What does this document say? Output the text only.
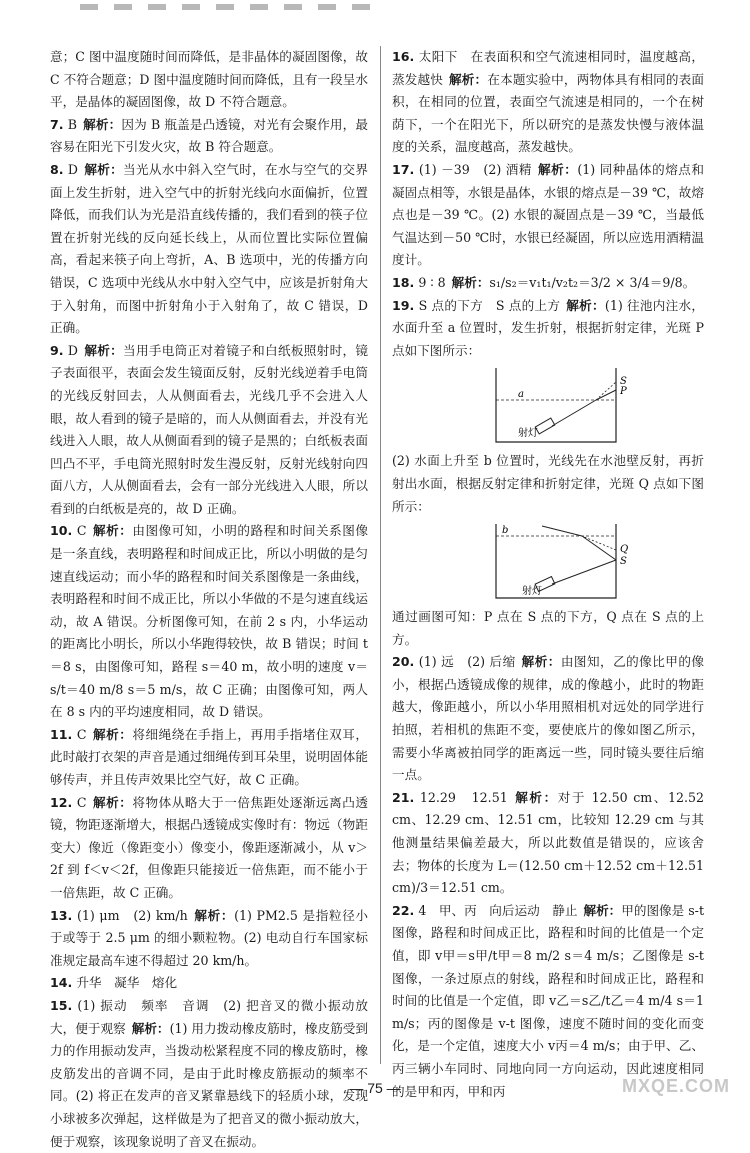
意；C 图中温度随时间而降低，是非晶体的凝固图像，故 C 不符合题意；D 图中温度随时间而降低，且有一段呈水平，是晶体的凝固图像，故 D 不符合题意。

7. B 解析：因为 B 瓶盖是凸透镜，对光有会聚作用，最容易在阳光下引发火灾，故 B 符合题意。

8. D 解析：当光从水中斜入空气时，在水与空气的交界面上发生折射，进入空气中的折射光线向水面偏折，位置降低，而我们认为光是沿直线传播的，我们看到的筷子位置在折射光线的反向延长线上，从而位置比实际位置偏高，看起来筷子向上弯折，A、B 选项中，光的传播方向错误，C 选项中光线从水中射入空气中，应该是折射角大于入射角，而图中折射角小于入射角了，故 C 错误，D 正确。

9. D 解析：当用手电筒正对着镜子和白纸板照射时，镜子表面很平，表面会发生镜面反射，反射光线逆着手电筒的光线反射回去，人从侧面看去，光线几乎不会进入人眼，故人看到的镜子是暗的，而人从侧面看去，并没有光线进入人眼，故人从侧面看到的镜子是黑的；白纸板表面凹凸不平，手电筒光照射时发生漫反射，反射光线射向四面八方，人从侧面看去，会有一部分光线进入人眼，所以看到的白纸板是亮的，故 D 正确。

10. C 解析：由图像可知，小明的路程和时间关系图像是一条直线，表明路程和时间成正比，所以小明做的是匀速直线运动；而小华的路程和时间关系图像是一条曲线，表明路程和时间不成正比，所以小华做的不是匀速直线运动，故 A 错误。分析图像可知，在前 2 s 内，小华运动的距离比小明长，所以小华跑得较快，故 B 错误；时间 t＝8 s，由图像可知，路程 s＝40 m，故小明的速度 v＝s/t＝40 m/8 s＝5 m/s，故 C 正确；由图像可知，两人在 8 s 内的平均速度相同，故 D 错误。

11. C 解析：将细绳绕在手指上，再用手指堵住双耳，此时敲打衣架的声音是通过细绳传到耳朵里，说明固体能够传声，并且传声效果比空气好，故 C 正确。

12. C 解析：将物体从略大于一倍焦距处逐渐远离凸透镜，物距逐渐增大，根据凸透镜成实像时有：物远（物距变大）像近（像距变小）像变小，像距逐渐减小，从 v＞2f 到 f＜v＜2f，但像距只能接近一倍焦距，而不能小于一倍焦距，故 C 正确。

13. (1) μm　(2) km/h 解析：(1) PM2.5 是指粒径小于或等于 2.5 μm 的细小颗粒物。(2) 电动自行车国家标准规定最高车速不得超过 20 km/h。

14. 升华　凝华　熔化

15. (1) 振动　频率　音调　(2) 把音叉的微小振动放大，便于观察 解析：(1) 用力拨动橡皮筋时，橡皮筋受到力的作用振动发声，当拨动松紧程度不同的橡皮筋时，橡皮筋发出的音调不同，是由于此时橡皮筋振动的频率不同。(2) 将正在发声的音叉紧靠悬线下的轻质小球，发现小球被多次弹起，这样做是为了把音叉的微小振动放大，便于观察，该现象说明了音叉在振动。

16. 太阳下　在表面积和空气流速相同时，温度越高，蒸发越快 解析：在本题实验中，两物体具有相同的表面积，在相同的位置，表面空气流速是相同的，一个在树荫下，一个在阳光下，所以研究的是蒸发快慢与液体温度的关系，温度越高，蒸发越快。

17. (1) －39　(2) 酒精 解析：(1) 同种晶体的熔点和凝固点相等，水银是晶体，水银的熔点是－39 ℃，故熔点也是－39 ℃。(2) 水银的凝固点是－39 ℃，当最低气温达到－50 ℃时，水银已经凝固，所以应选用酒精温度计。

18. 9 ∶ 8 解析：s₁/s₂＝v₁t₁/v₂t₂＝3/2 × 3/4＝9/8。

19. S 点的下方　S 点的上方 解析：(1) 往池内注水，水面升至 a 位置时，发生折射，根据折射定律，光斑 P 点如下图所示：

a
S
P
射灯

(2) 水面上升至 b 位置时，光线先在水池壁反射，再折射出水面，根据反射定律和折射定律，光斑 Q 点如下图所示：

b
Q
S
射灯

通过画图可知：P 点在 S 点的下方，Q 点在 S 点的上方。

20. (1) 远　(2) 后缩 解析：由图知，乙的像比甲的像小，根据凸透镜成像的规律，成的像越小，此时的物距越大，像距越小，所以小华用照相机对远处的同学进行拍照，若相机的焦距不变，要使底片的像如图乙所示，需要小华离被拍同学的距离远一些，同时镜头要往后缩一点。

21. 12.29　12.51 解析：对于 12.50 cm、12.52 cm、12.29 cm、12.51 cm，比较知 12.29 cm 与其他测量结果偏差最大，所以此数值是错误的，应该舍去；物体的长度为 L＝(12.50 cm＋12.52 cm＋12.51 cm)/3＝12.51 cm。

22. 4　甲、丙　向后运动　静止 解析：甲的图像是 s-t 图像，路程和时间成正比，路程和时间的比值是一个定值，即 v甲＝s甲/t甲＝8 m/2 s＝4 m/s；乙图像是 s-t 图像，一条过原点的射线，路程和时间成正比，路程和时间的比值是一个定值，即 v乙＝s乙/t乙＝4 m/4 s＝1 m/s；丙的图像是 v-t 图像，速度不随时间的变化而变化，是一个定值，速度大小 v丙＝4 m/s；由于甲、乙、丙三辆小车同时、同地向同一方向运动，因此速度相同的是甲和丙，甲和丙

— 75 —	MXQE.COM
